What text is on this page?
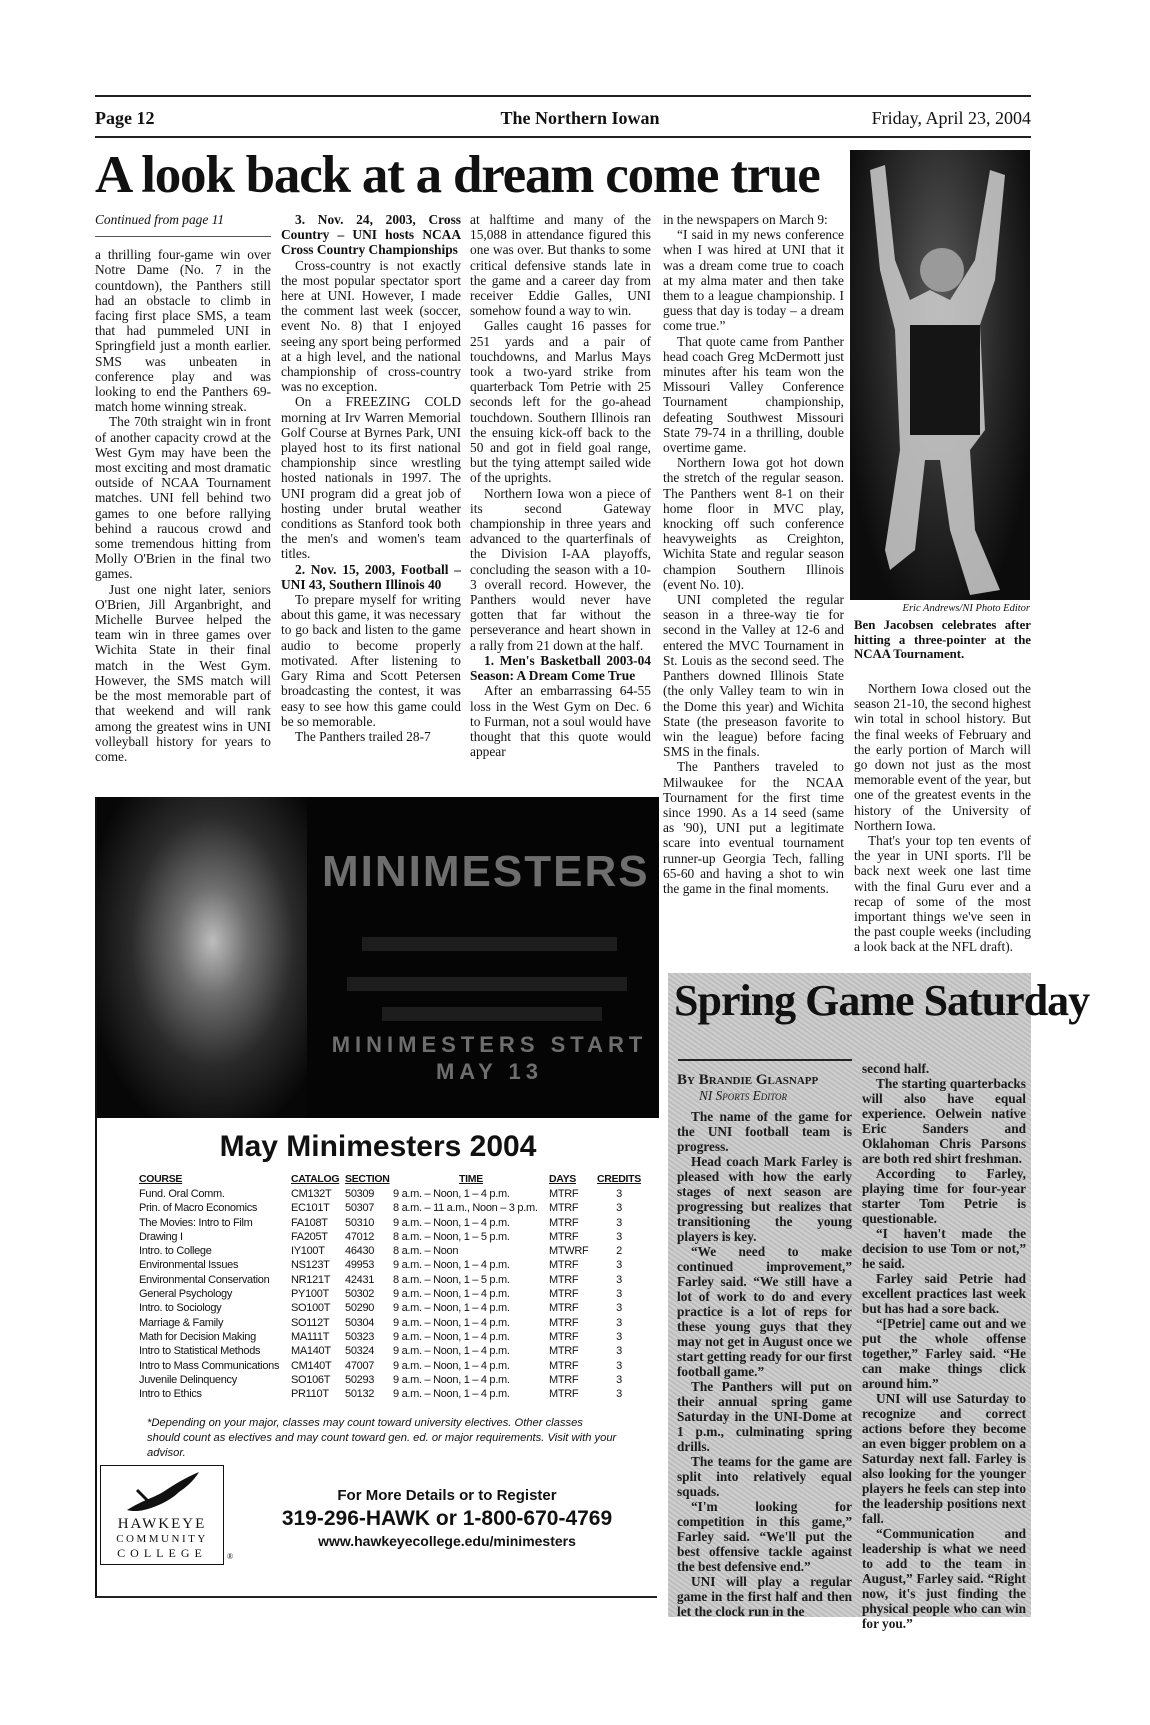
Page 12	The Northern Iowan	Friday, April 23, 2004
A look back at a dream come true

Continued from page 11

a thrilling four-game win over Notre Dame (No. 7 in the countdown), the Panthers still had an obstacle to climb in facing first place SMS, a team that had pummeled UNI in Springfield just a month earlier. SMS was unbeaten in conference play and was looking to end the Panthers 69-match home winning streak.

The 70th straight win in front of another capacity crowd at the West Gym may have been the most exciting and most dramatic outside of NCAA Tournament matches. UNI fell behind two games to one before rallying behind a raucous crowd and some tremendous hitting from Molly O'Brien in the final two games.

Just one night later, seniors O'Brien, Jill Arganbright, and Michelle Burvee helped the team win in three games over Wichita State in their final match in the West Gym. However, the SMS match will be the most memorable part of that weekend and will rank among the greatest wins in UNI volleyball history for years to come.

3. Nov. 24, 2003, Cross Country – UNI hosts NCAA Cross Country Championships

Cross-country is not exactly the most popular spectator sport here at UNI. However, I made the comment last week (soccer, event No. 8) that I enjoyed seeing any sport being performed at a high level, and the national championship of cross-country was no exception.

On a FREEZING COLD morning at Irv Warren Memorial Golf Course at Byrnes Park, UNI played host to its first national championship since wrestling hosted nationals in 1997. The UNI program did a great job of hosting under brutal weather conditions as Stanford took both the men's and women's team titles.

2. Nov. 15, 2003, Football – UNI 43, Southern Illinois 40

To prepare myself for writing about this game, it was necessary to go back and listen to the game audio to become properly motivated. After listening to Gary Rima and Scott Petersen broadcasting the contest, it was easy to see how this game could be so memorable.

The Panthers trailed 28-7

at halftime and many of the 15,088 in attendance figured this one was over. But thanks to some critical defensive stands late in the game and a career day from receiver Eddie Galles, UNI somehow found a way to win.

Galles caught 16 passes for 251 yards and a pair of touchdowns, and Marlus Mays took a two-yard strike from quarterback Tom Petrie with 25 seconds left for the go-ahead touchdown. Southern Illinois ran the ensuing kick-off back to the 50 and got in field goal range, but the tying attempt sailed wide of the uprights.

Northern Iowa won a piece of its second Gateway championship in three years and advanced to the quarterfinals of the Division I-AA playoffs, concluding the season with a 10-3 overall record. However, the Panthers would never have gotten that far without the perseverance and heart shown in a rally from 21 down at the half.

1. Men's Basketball 2003-04 Season: A Dream Come True

After an embarrassing 64-55 loss in the West Gym on Dec. 6 to Furman, not a soul would have thought that this quote would appear

in the newspapers on March 9:

“I said in my news conference when I was hired at UNI that it was a dream come true to coach at my alma mater and then take them to a league championship. I guess that day is today – a dream come true.”

That quote came from Panther head coach Greg McDermott just minutes after his team won the Missouri Valley Conference Tournament championship, defeating Southwest Missouri State 79-74 in a thrilling, double overtime game.

Northern Iowa got hot down the stretch of the regular season. The Panthers went 8-1 on their home floor in MVC play, knocking off such conference heavyweights as Creighton, Wichita State and regular season champion Southern Illinois (event No. 10).

UNI completed the regular season in a three-way tie for second in the Valley at 12-6 and entered the MVC Tournament in St. Louis as the second seed. The Panthers downed Illinois State (the only Valley team to win in the Dome this year) and Wichita State (the preseason favorite to win the league) before facing SMS in the finals.

The Panthers traveled to Milwaukee for the NCAA Tournament for the first time since 1990. As a 14 seed (same as '90), UNI put a legitimate scare into eventual tournament runner-up Georgia Tech, falling 65-60 and having a shot to win the game in the final moments.

Northern Iowa closed out the season 21-10, the second highest win total in school history. But the final weeks of February and the early portion of March will go down not just as the most memorable event of the year, but one of the greatest events in the history of the University of Northern Iowa.

That's your top ten events of the year in UNI sports. I'll be back next week one last time with the final Guru ever and a recap of some of the most important things we've seen in the past couple weeks (including a look back at the NFL draft).

Eric Andrews/NI Photo Editor
Ben Jacobsen celebrates after hitting a three-pointer at the NCAA Tournament.
MINIMESTERS
MINIMESTERS START
MAY 13
May Minimesters 2004
COURSE	CATALOG	SECTION	TIME	DAYS	CREDITS
Fund. Oral Comm.	CM132T	50309	9 a.m. – Noon, 1 – 4 p.m.	MTRF	3
Prin. of Macro Economics	EC101T	50307	8 a.m. – 11 a.m., Noon – 3 p.m.	MTRF	3
The Movies: Intro to Film	FA108T	50310	9 a.m. – Noon, 1 – 4 p.m.	MTRF	3
Drawing I	FA205T	47012	8 a.m. – Noon, 1 – 5 p.m.	MTRF	3
Intro. to College	IY100T	46430	8 a.m. – Noon	MTWRF	2
Environmental Issues	NS123T	49953	9 a.m. – Noon, 1 – 4 p.m.	MTRF	3
Environmental Conservation	NR121T	42431	8 a.m. – Noon, 1 – 5 p.m.	MTRF	3
General Psychology	PY100T	50302	9 a.m. – Noon, 1 – 4 p.m.	MTRF	3
Intro. to Sociology	SO100T	50290	9 a.m. – Noon, 1 – 4 p.m.	MTRF	3
Marriage & Family	SO112T	50304	9 a.m. – Noon, 1 – 4 p.m.	MTRF	3
Math for Decision Making	MA111T	50323	9 a.m. – Noon, 1 – 4 p.m.	MTRF	3
Intro to Statistical Methods	MA140T	50324	9 a.m. – Noon, 1 – 4 p.m.	MTRF	3
Intro to Mass Communications	CM140T	47007	9 a.m. – Noon, 1 – 4 p.m.	MTRF	3
Juvenile Delinquency	SO106T	50293	9 a.m. – Noon, 1 – 4 p.m.	MTRF	3
Intro to Ethics	PR110T	50132	9 a.m. – Noon, 1 – 4 p.m.	MTRF	3
*Depending on your major, classes may count toward university electives. Other classes should count as electives and may count toward gen. ed. or major requirements. Visit with your advisor.
HAWKEYE
COMMUNITY
COLLEGE	®
For More Details or to Register
319-296-HAWK or 1-800-670-4769
www.hawkeyecollege.edu/minimesters
Spring Game Saturday

By Brandie Glasnapp

NI Sports Editor

The name of the game for the UNI football team is progress.

Head coach Mark Farley is pleased with how the early stages of next season are progressing but realizes that transitioning the young players is key.

“We need to make continued improvement,” Farley said. “We still have a lot of work to do and every practice is a lot of reps for these young guys that they may not get in August once we start getting ready for our first football game.”

The Panthers will put on their annual spring game Saturday in the UNI-Dome at 1 p.m., culminating spring drills.

The teams for the game are split into relatively equal squads.

“I'm looking for competition in this game,” Farley said. “We'll put the best offensive tackle against the best defensive end.”

UNI will play a regular game in the first half and then let the clock run in the

second half.

The starting quarterbacks will also have equal experience. Oelwein native Eric Sanders and Oklahoman Chris Parsons are both red shirt freshman.

According to Farley, playing time for four-year starter Tom Petrie is questionable.

“I haven't made the decision to use Tom or not,” he said.

Farley said Petrie had excellent practices last week but has had a sore back.

“[Petrie] came out and we put the whole offense together,” Farley said. “He can make things click around him.”

UNI will use Saturday to recognize and correct actions before they become an even bigger problem on a Saturday next fall. Farley is also looking for the younger players he feels can step into the leadership positions next fall.

“Communication and leadership is what we need to add to the team in August,” Farley said. “Right now, it's just finding the physical people who can win for you.”
